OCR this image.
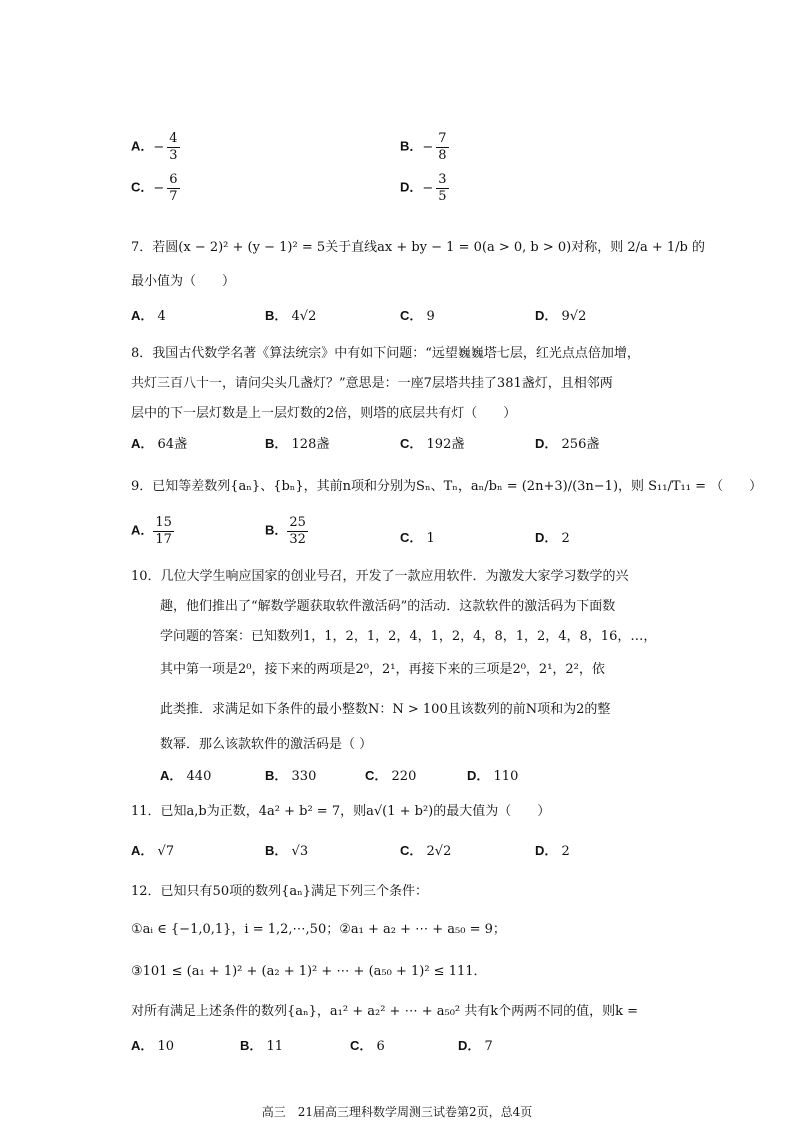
A．− $\frac{4}{3}$	B．− $\frac{7}{8}$
C．− $\frac{6}{7}$	D．− $\frac{3}{5}$
7．若圆(x − 2)² + (y − 1)² = 5关于直线ax + by − 1 = 0(a > 0, b > 0)对称，则 2/a + 1/b 的
最小值为（　　）
A． 4	B． 4√2	C． 9	D． 9√2
8．我国古代数学名著《算法统宗》中有如下问题：“远望巍巍塔七层，红光点点倍加增，
共灯三百八十一，请问尖头几盏灯？”意思是：一座7层塔共挂了381盏灯，且相邻两
层中的下一层灯数是上一层灯数的2倍，则塔的底层共有灯（　　）
A． 64盏	B． 128盏	C． 192盏	D． 256盏
9．已知等差数列{aₙ}、{bₙ}，其前n项和分别为Sₙ、Tₙ，aₙ/bₙ = (2n+3)/(3n−1)，则 S₁₁/T₁₁ = （　　）
A． $\frac{15}{17}$	B． $\frac{25}{32}$	C． 1	D． 2
10．几位大学生响应国家的创业号召，开发了一款应用软件．为激发大家学习数学的兴
趣，他们推出了“解数学题获取软件激活码”的活动．这款软件的激活码为下面数
学问题的答案：已知数列1，1，2，1，2，4，1，2，4，8，1，2，4，8，16，…，
其中第一项是2⁰，接下来的两项是2⁰，2¹，再接下来的三项是2⁰，2¹，2²，依
此类推．求满足如下条件的最小整数N：N > 100且该数列的前N项和为2的整
数幂．那么该款软件的激活码是（ ）
A． 440	B． 330	C． 220	D． 110
11．已知a,b为正数，4a² + b² = 7，则a√(1 + b²)的最大值为（　　）
A． √7	B． √3	C． 2√2	D． 2
12．已知只有50项的数列{aₙ}满足下列三个条件：
①aᵢ ∈ {−1,0,1}，i = 1,2,⋯,50；②a₁ + a₂ + ⋯ + a₅₀ = 9；
③101 ≤ (a₁ + 1)² + (a₂ + 1)² + ⋯ + (a₅₀ + 1)² ≤ 111．
对所有满足上述条件的数列{aₙ}，a₁² + a₂² + ⋯ + a₅₀² 共有k个两两不同的值，则k =
A． 10	B． 11	C． 6	D． 7
高三　21届高三理科数学周测三试卷第2页，总4页
